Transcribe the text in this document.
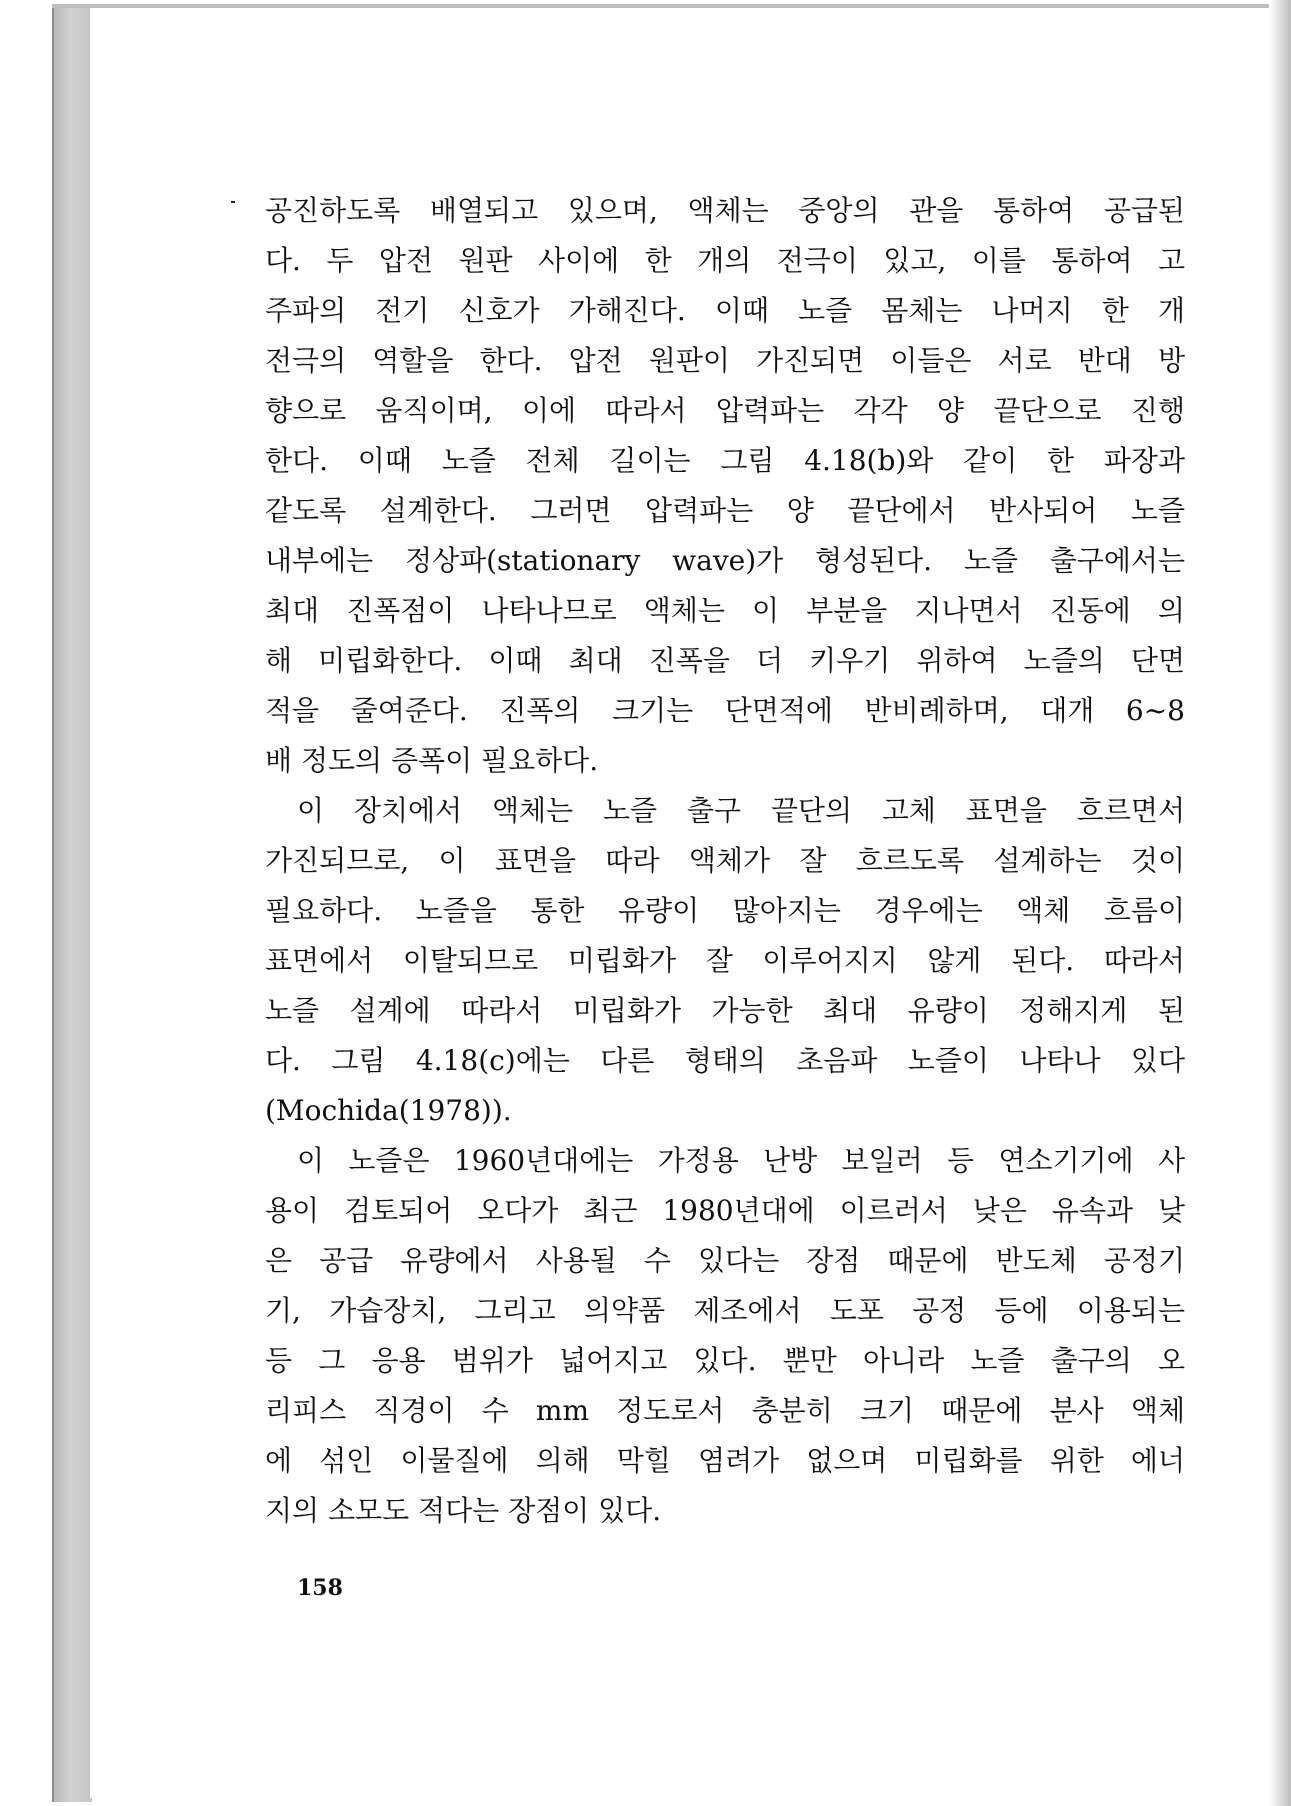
공진하도록 배열되고 있으며, 액체는 중앙의 관을 통하여 공급된
다. 두 압전 원판 사이에 한 개의 전극이 있고, 이를 통하여 고
주파의 전기 신호가 가해진다. 이때 노즐 몸체는 나머지 한 개
전극의 역할을 한다. 압전 원판이 가진되면 이들은 서로 반대 방
향으로 움직이며, 이에 따라서 압력파는 각각 양 끝단으로 진행
한다. 이때 노즐 전체 길이는 그림 4.18(b)와 같이 한 파장과
같도록 설계한다. 그러면 압력파는 양 끝단에서 반사되어 노즐
내부에는 정상파(stationary wave)가 형성된다. 노즐 출구에서는
최대 진폭점이 나타나므로 액체는 이 부분을 지나면서 진동에 의
해 미립화한다. 이때 최대 진폭을 더 키우기 위하여 노즐의 단면
적을 줄여준다. 진폭의 크기는 단면적에 반비례하며, 대개 6~8
배 정도의 증폭이 필요하다.
이 장치에서 액체는 노즐 출구 끝단의 고체 표면을 흐르면서
가진되므로, 이 표면을 따라 액체가 잘 흐르도록 설계하는 것이
필요하다. 노즐을 통한 유량이 많아지는 경우에는 액체 흐름이
표면에서 이탈되므로 미립화가 잘 이루어지지 않게 된다. 따라서
노즐 설계에 따라서 미립화가 가능한 최대 유량이 정해지게 된
다. 그림 4.18(c)에는 다른 형태의 초음파 노즐이 나타나 있다
(Mochida(1978)).
이 노즐은 1960년대에는 가정용 난방 보일러 등 연소기기에 사
용이 검토되어 오다가 최근 1980년대에 이르러서 낮은 유속과 낮
은 공급 유량에서 사용될 수 있다는 장점 때문에 반도체 공정기
기, 가습장치, 그리고 의약품 제조에서 도포 공정 등에 이용되는
등 그 응용 범위가 넓어지고 있다. 뿐만 아니라 노즐 출구의 오
리피스 직경이 수 mm 정도로서 충분히 크기 때문에 분사 액체
에 섞인 이물질에 의해 막힐 염려가 없으며 미립화를 위한 에너
지의 소모도 적다는 장점이 있다.
158
